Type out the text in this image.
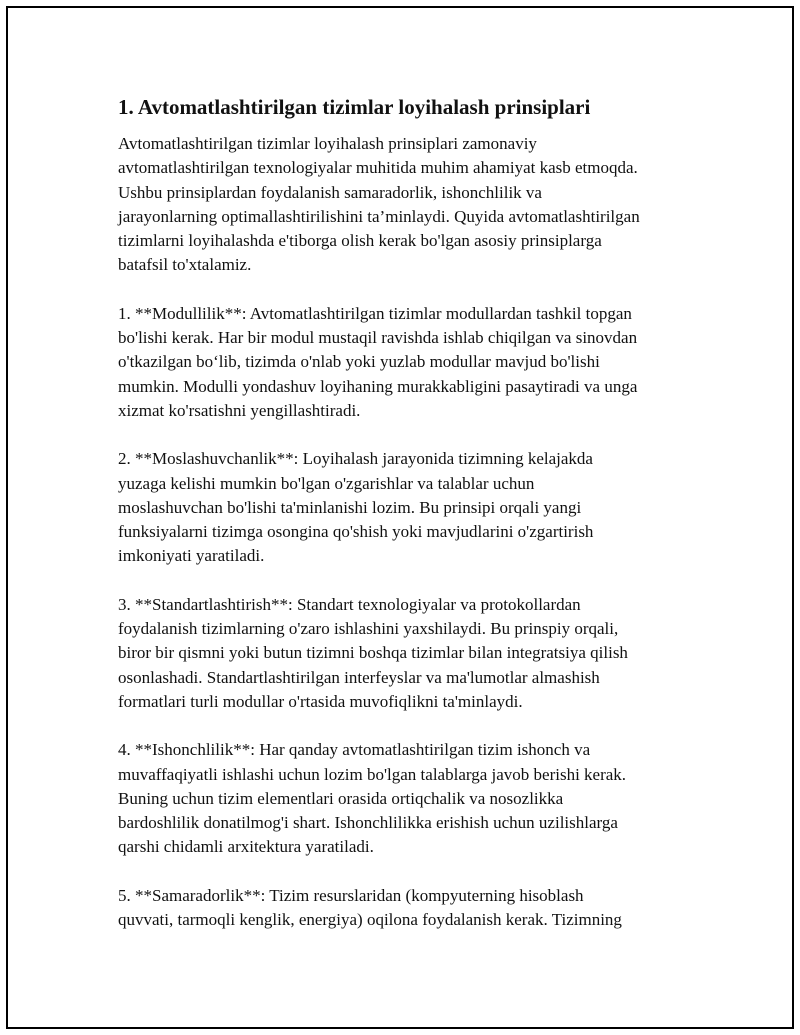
1. Avtomatlashtirilgan tizimlar loyihalash prinsiplari

Avtomatlashtirilgan tizimlar loyihalash prinsiplari zamonaviy
avtomatlashtirilgan texnologiyalar muhitida muhim ahamiyat kasb etmoqda.
Ushbu prinsiplardan foydalanish samaradorlik, ishonchlilik va
jarayonlarning optimallashtirilishini ta’minlaydi. Quyida avtomatlashtirilgan
tizimlarni loyihalashda e'tiborga olish kerak bo'lgan asosiy prinsiplarga
batafsil to'xtalamiz.

1. **Modullilik**: Avtomatlashtirilgan tizimlar modullardan tashkil topgan
bo'lishi kerak. Har bir modul mustaqil ravishda ishlab chiqilgan va sinovdan
o'tkazilgan bo‘lib, tizimda o'nlab yoki yuzlab modullar mavjud bo'lishi
mumkin. Modulli yondashuv loyihaning murakkabligini pasaytiradi va unga
xizmat ko'rsatishni yengillashtiradi.

2. **Moslashuvchanlik**: Loyihalash jarayonida tizimning kelajakda
yuzaga kelishi mumkin bo'lgan o'zgarishlar va talablar uchun
moslashuvchan bo'lishi ta'minlanishi lozim. Bu prinsipi orqali yangi
funksiyalarni tizimga osongina qo'shish yoki mavjudlarini o'zgartirish
imkoniyati yaratiladi.

3. **Standartlashtirish**: Standart texnologiyalar va protokollardan
foydalanish tizimlarning o'zaro ishlashini yaxshilaydi. Bu prinspiy orqali,
biror bir qismni yoki butun tizimni boshqa tizimlar bilan integratsiya qilish
osonlashadi. Standartlashtirilgan interfeyslar va ma'lumotlar almashish
formatlari turli modullar o'rtasida muvofiqlikni ta'minlaydi.

4. **Ishonchlilik**: Har qanday avtomatlashtirilgan tizim ishonch va
muvaffaqiyatli ishlashi uchun lozim bo'lgan talablarga javob berishi kerak.
Buning uchun tizim elementlari orasida ortiqchalik va nosozlikka
bardoshlilik donatilmog'i shart. Ishonchlilikka erishish uchun uzilishlarga
qarshi chidamli arxitektura yaratiladi.

5. **Samaradorlik**: Tizim resurslaridan (kompyuterning hisoblash
quvvati, tarmoqli kenglik, energiya) oqilona foydalanish kerak. Tizimning
